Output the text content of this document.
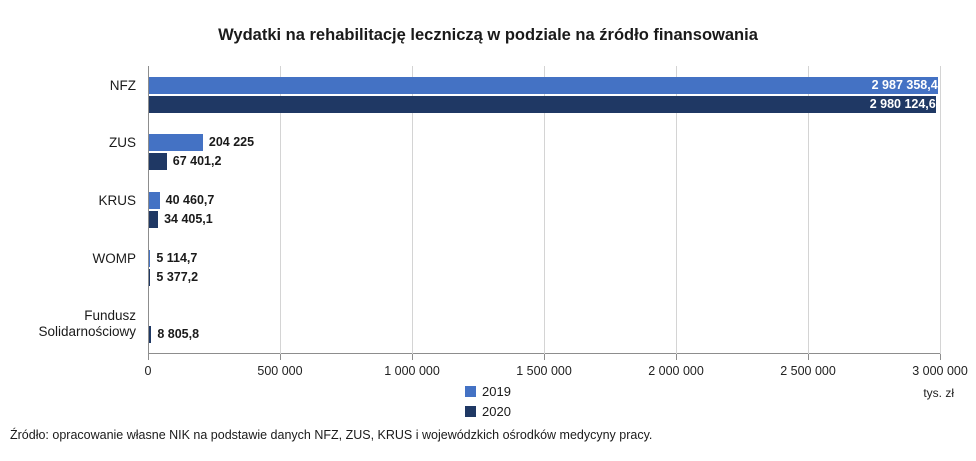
Wydatki na rehabilitację leczniczą w podziale na źródło finansowania
0	500 000	1 000 000	1 500 000	2 000 000	2 500 000	3 000 000
NFZ	2 987 358,4
2 980 124,6
ZUS	204 225
67 401,2
KRUS	40 460,7
34 405,1
WOMP	5 114,7
5 377,2
Fundusz
Solidarnościowy	8 805,8
2019
2020
tys. zł
Źródło: opracowanie własne NIK na podstawie danych NFZ, ZUS, KRUS i wojewódzkich ośrodków medycyny pracy.
